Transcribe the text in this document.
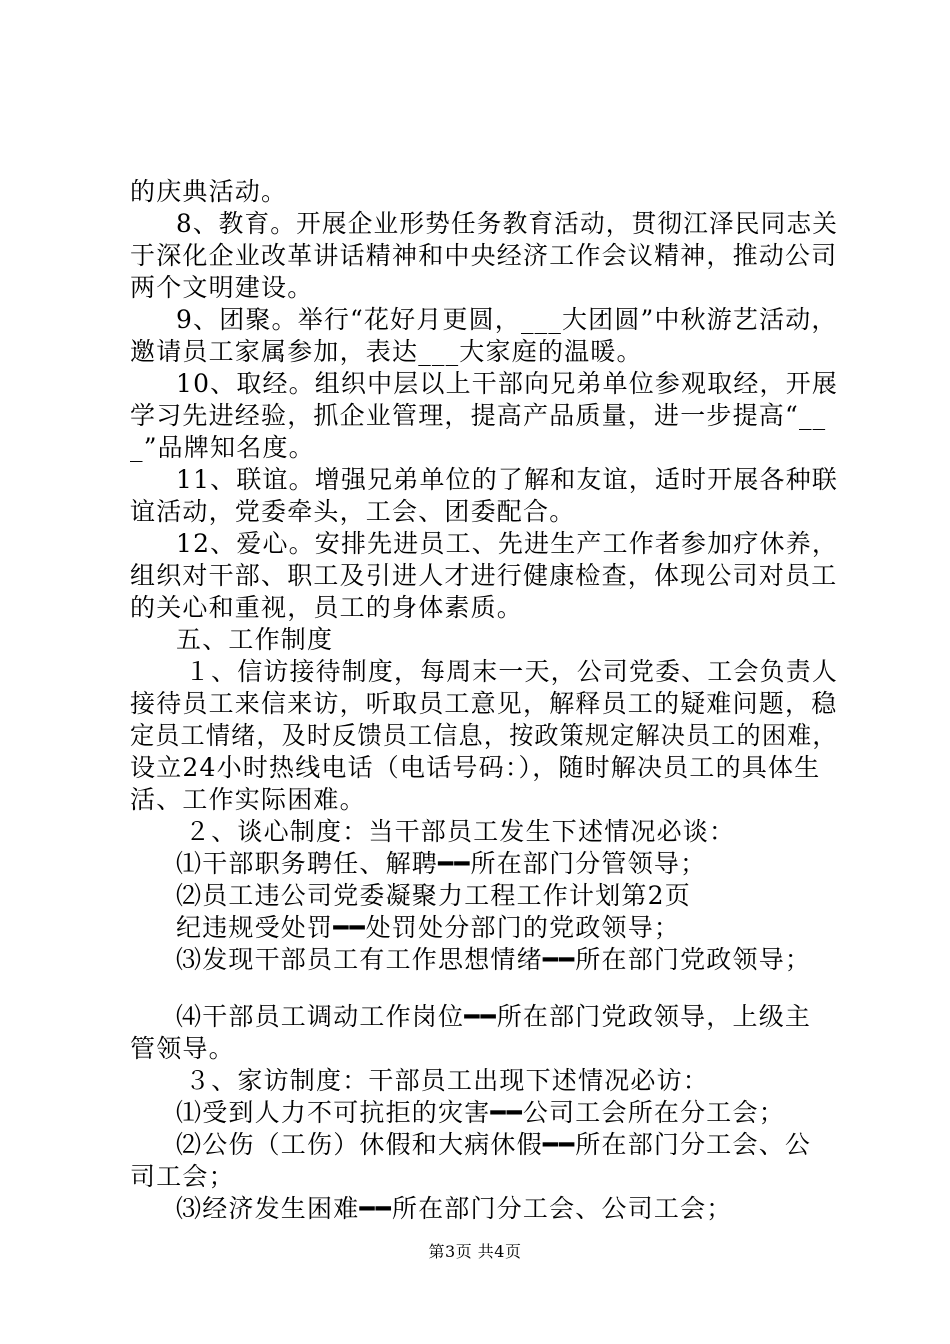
的庆典活动。
8、教育。开展企业形势任务教育活动，贯彻江泽民同志关
于深化企业改革讲话精神和中央经济工作会议精神，推动公司
两个文明建设。
9、团聚。举行“花好月更圆，___大团圆”中秋游艺活动，
邀请员工家属参加，表达___大家庭的温暖。
10、取经。组织中层以上干部向兄弟单位参观取经，开展
学习先进经验，抓企业管理，提高产品质量，进一步提高“__
_”品牌知名度。
11、联谊。增强兄弟单位的了解和友谊，适时开展各种联
谊活动，党委牵头，工会、团委配合。
12、爱心。安排先进员工、先进生产工作者参加疗休养，
组织对干部、职工及引进人才进行健康检查，体现公司对员工
的关心和重视，员工的身体素质。
五、工作制度
１、信访接待制度，每周末一天，公司党委、工会负责人
接待员工来信来访，听取员工意见，解释员工的疑难问题，稳
定员工情绪，及时反馈员工信息，按政策规定解决员工的困难，
设立24小时热线电话（电话号码：），随时解决员工的具体生
活、工作实际困难。
２、谈心制度：当干部员工发生下述情况必谈：
⑴干部职务聘任、解聘━━所在部门分管领导；
⑵员工违公司党委凝聚力工程工作计划第2页
纪违规受处罚━━处罚处分部门的党政领导；
⑶发现干部员工有工作思想情绪━━所在部门党政领导；
⑷干部员工调动工作岗位━━所在部门党政领导，上级主
管领导。
３、家访制度：干部员工出现下述情况必访：
⑴受到人力不可抗拒的灾害━━公司工会所在分工会；
⑵公伤（工伤）休假和大病休假━━所在部门分工会、公
司工会；
⑶经济发生困难━━所在部门分工会、公司工会；
第3页 共4页
